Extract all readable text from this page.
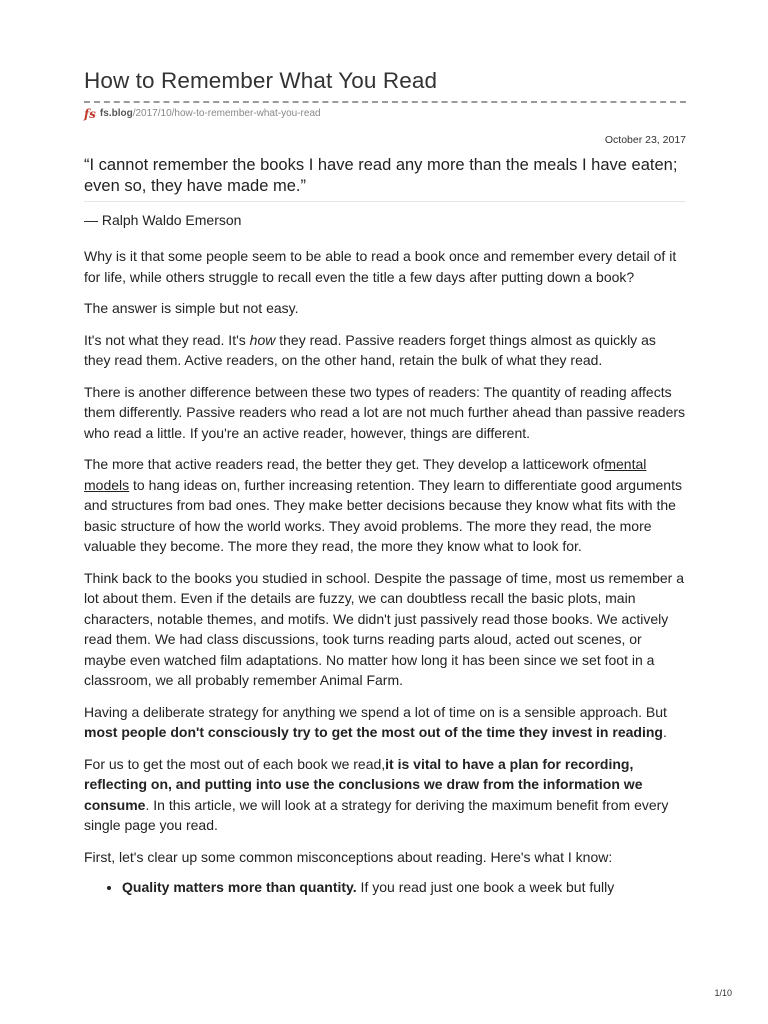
How to Remember What You Read
fs fs.blog /2017/10/how-to-remember-what-you-read
October 23, 2017
“I cannot remember the books I have read any more than the meals I have eaten; even so, they have made me.”
— Ralph Waldo Emerson

Why is it that some people seem to be able to read a book once and remember every detail of it for life, while others struggle to recall even the title a few days after putting down a book?

The answer is simple but not easy.

It's not what they read. It's how they read. Passive readers forget things almost as quickly as they read them. Active readers, on the other hand, retain the bulk of what they read.

There is another difference between these two types of readers: The quantity of reading affects them differently. Passive readers who read a lot are not much further ahead than passive readers who read a little. If you're an active reader, however, things are different.

The more that active readers read, the better they get. They develop a latticework ofmental models to hang ideas on, further increasing retention. They learn to differentiate good arguments and structures from bad ones. They make better decisions because they know what fits with the basic structure of how the world works. They avoid problems. The more they read, the more valuable they become. The more they read, the more they know what to look for.

Think back to the books you studied in school. Despite the passage of time, most us remember a lot about them. Even if the details are fuzzy, we can doubtless recall the basic plots, main characters, notable themes, and motifs. We didn't just passively read those books. We actively read them. We had class discussions, took turns reading parts aloud, acted out scenes, or maybe even watched film adaptations. No matter how long it has been since we set foot in a classroom, we all probably remember Animal Farm.

Having a deliberate strategy for anything we spend a lot of time on is a sensible approach. But most people don't consciously try to get the most out of the time they invest in reading.

For us to get the most out of each book we read,it is vital to have a plan for recording, reflecting on, and putting into use the conclusions we draw from the information we consume. In this article, we will look at a strategy for deriving the maximum benefit from every single page you read.

First, let's clear up some common misconceptions about reading. Here's what I know:

• Quality matters more than quantity. If you read just one book a week but fully
1/10
